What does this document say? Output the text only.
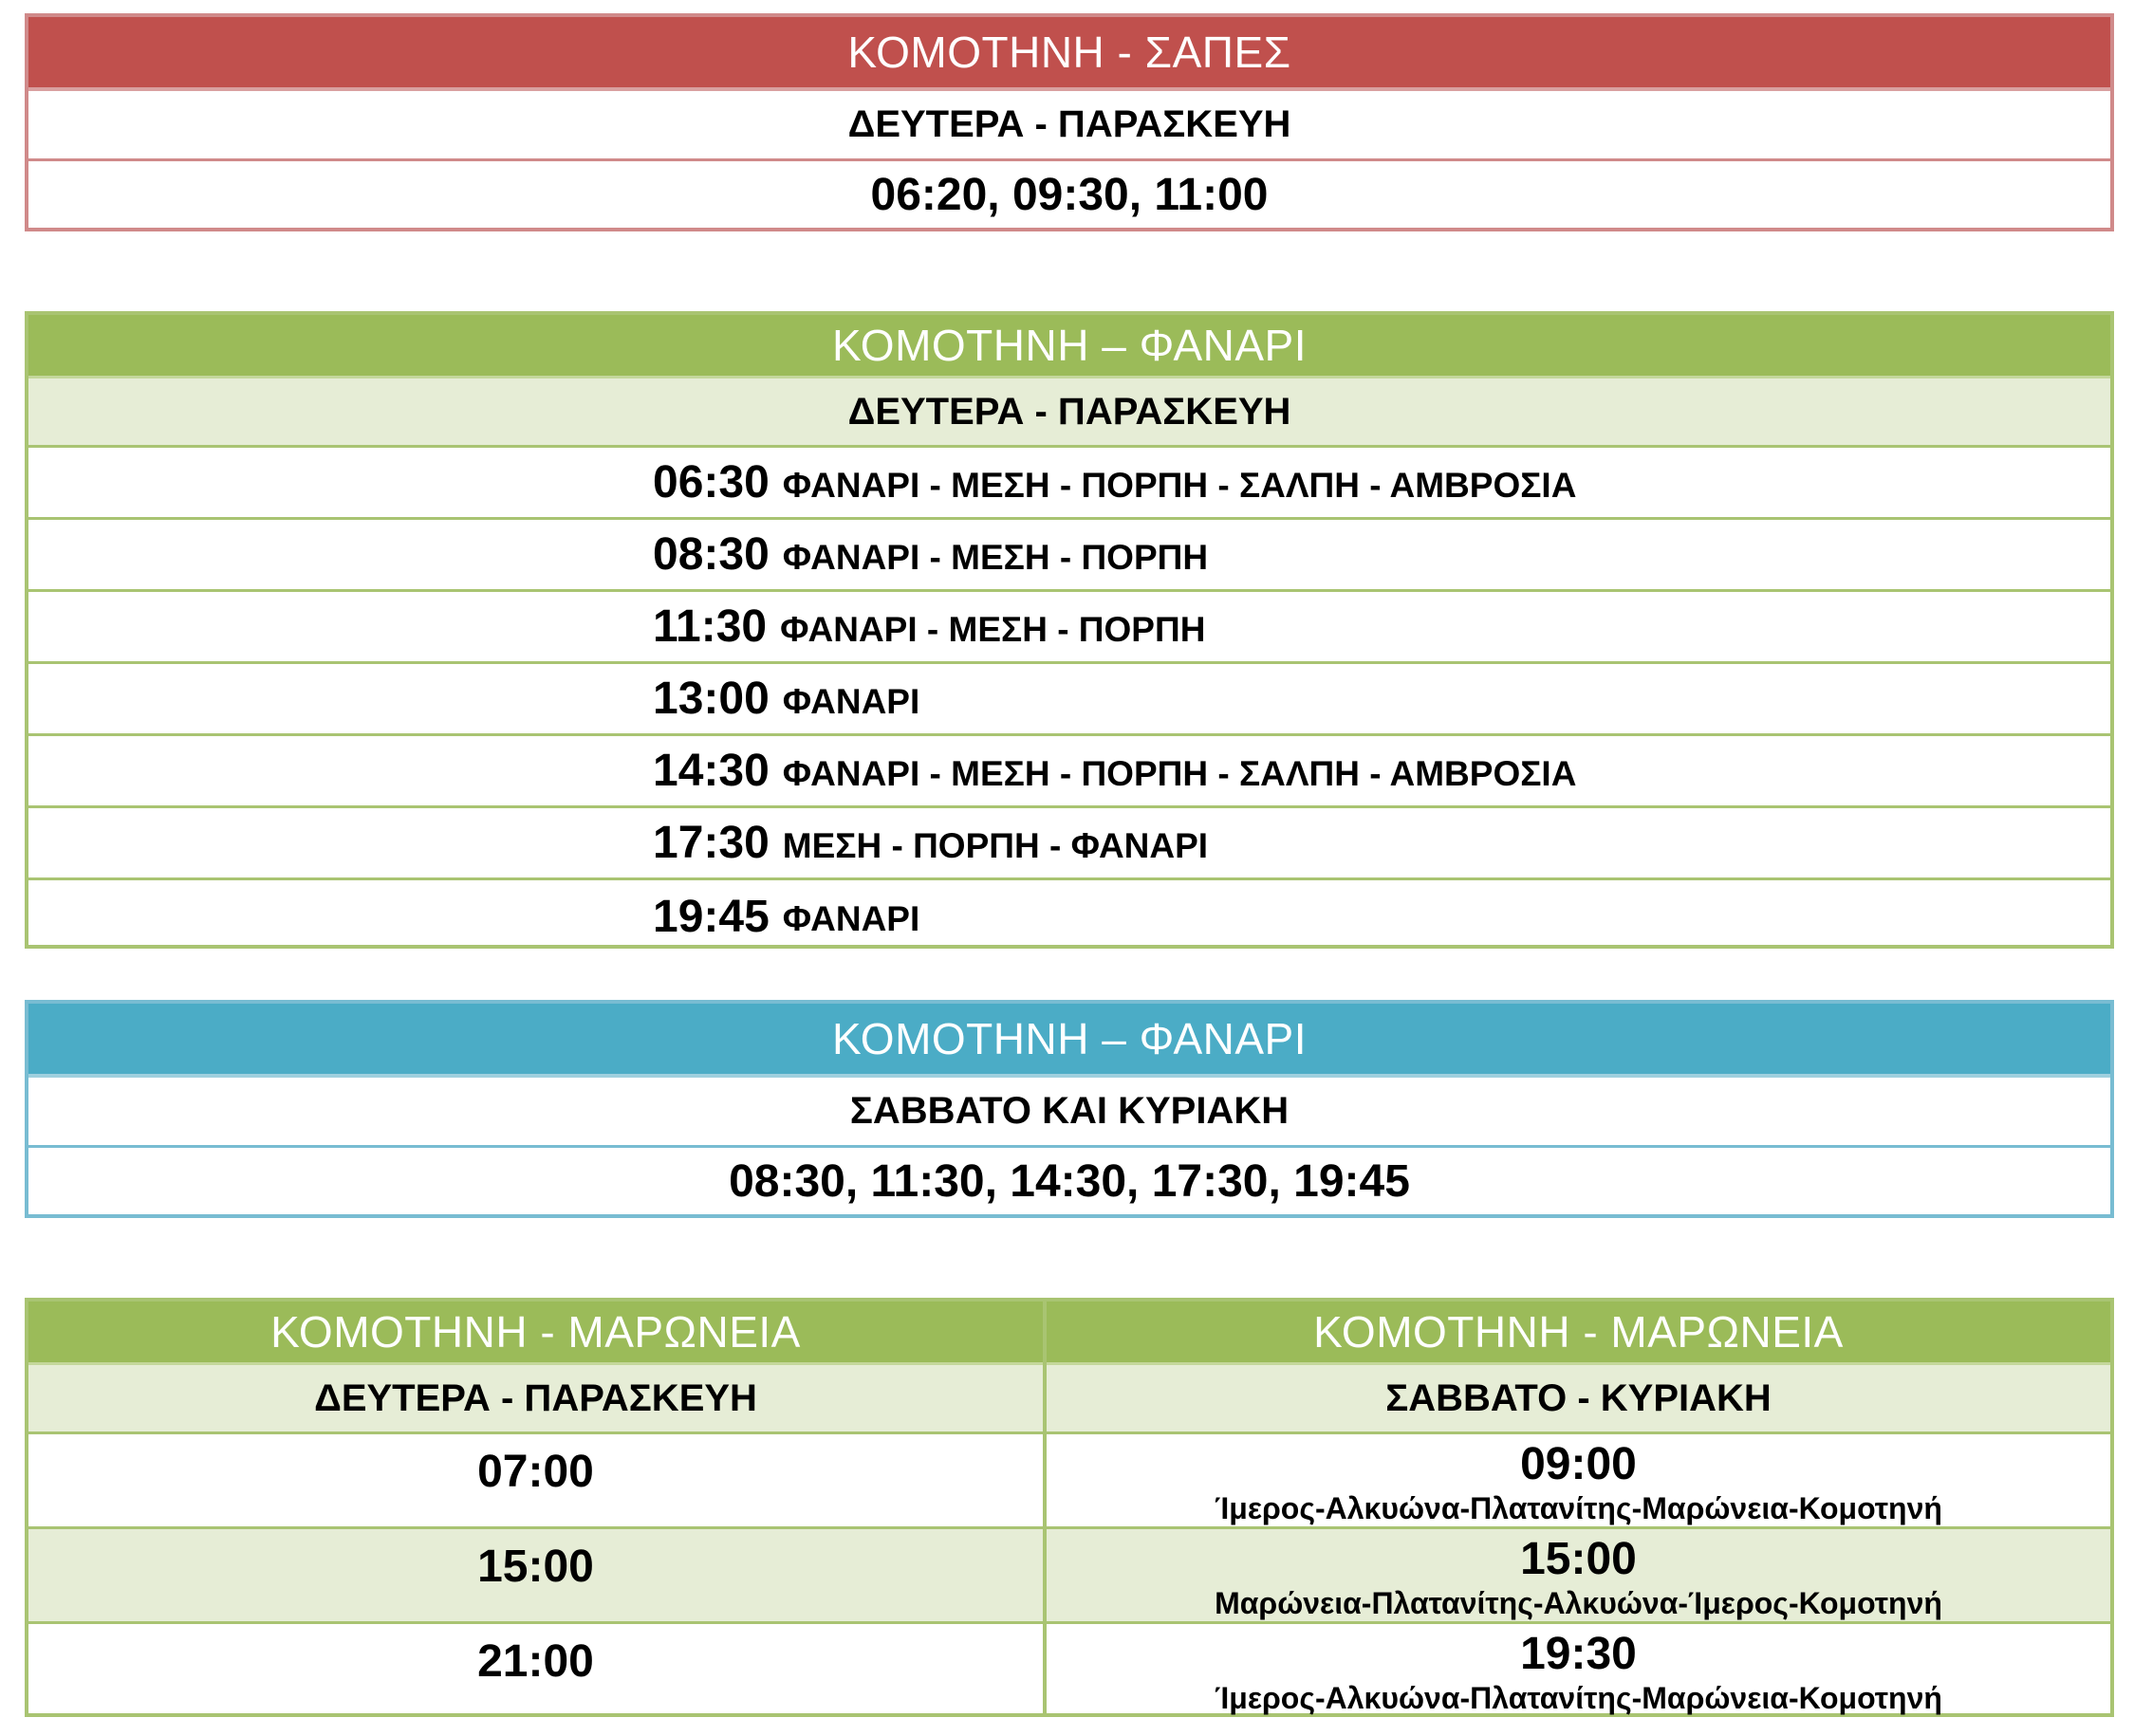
ΚΟΜΟΤΗΝΗ - ΣΑΠΕΣ
ΔΕΥΤΕΡΑ - ΠΑΡΑΣΚΕΥΗ
06:20, 09:30, 11:00
ΚΟΜΟΤΗΝΗ – ΦΑΝΑΡΙ
ΔΕΥΤΕΡΑ - ΠΑΡΑΣΚΕΥΗ
06:30 ΦΑΝΑΡΙ - ΜΕΣΗ - ΠΟΡΠΗ - ΣΑΛΠΗ - ΑΜΒΡΟΣΙΑ
08:30 ΦΑΝΑΡΙ - ΜΕΣΗ - ΠΟΡΠΗ
11:30 ΦΑΝΑΡΙ - ΜΕΣΗ - ΠΟΡΠΗ
13:00 ΦΑΝΑΡΙ
14:30 ΦΑΝΑΡΙ - ΜΕΣΗ - ΠΟΡΠΗ - ΣΑΛΠΗ - ΑΜΒΡΟΣΙΑ
17:30 ΜΕΣΗ - ΠΟΡΠΗ - ΦΑΝΑΡΙ
19:45 ΦΑΝΑΡΙ
ΚΟΜΟΤΗΝΗ – ΦΑΝΑΡΙ
ΣΑΒΒΑΤΟ ΚΑΙ ΚΥΡΙΑΚΗ
08:30, 11:30, 14:30, 17:30, 19:45
ΚΟΜΟΤΗΝΗ - ΜΑΡΩΝΕΙΑ
ΔΕΥΤΕΡΑ - ΠΑΡΑΣΚΕΥΗ
07:00
15:00
21:00
ΚΟΜΟΤΗΝΗ - ΜΑΡΩΝΕΙΑ
ΣΑΒΒΑΤΟ - ΚΥΡΙΑΚΗ
09:00
Ίμερος-Αλκυώνα-Πλατανίτης-Μαρώνεια-Κομοτηνή
15:00
Μαρώνεια-Πλατανίτης-Αλκυώνα-Ίμερος-Κομοτηνή
19:30
Ίμερος-Αλκυώνα-Πλατανίτης-Μαρώνεια-Κομοτηνή
